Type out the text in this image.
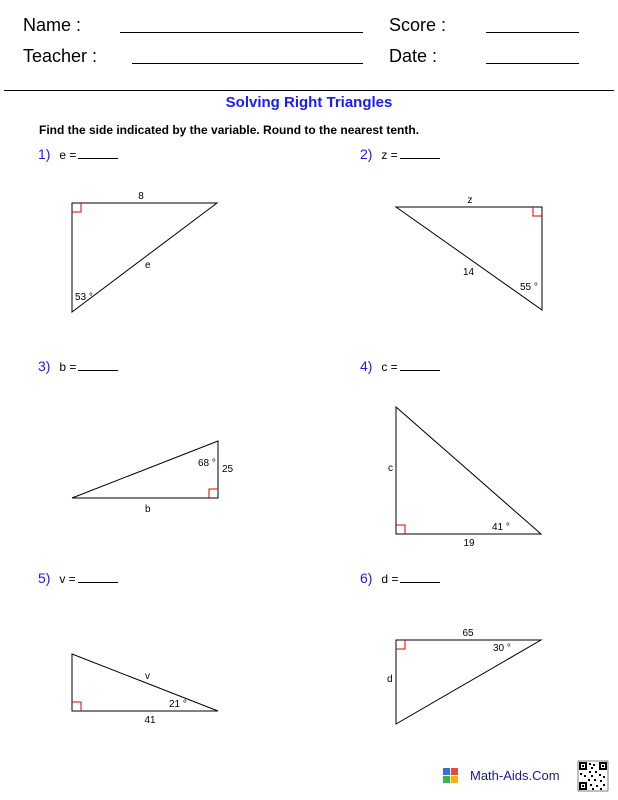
Name :
Teacher :
Score :
Date :
Solving Right Triangles
Find the side indicated by the variable. Round to the nearest tenth.
1) e =	2) z =
3) b =	4) c =
5) v =	6) d =
8
e
53 °
z
14
55 °
68 °
25
b
c
41 °
19
v
21 °
41
65
30 °
d
Math-Aids.Com
